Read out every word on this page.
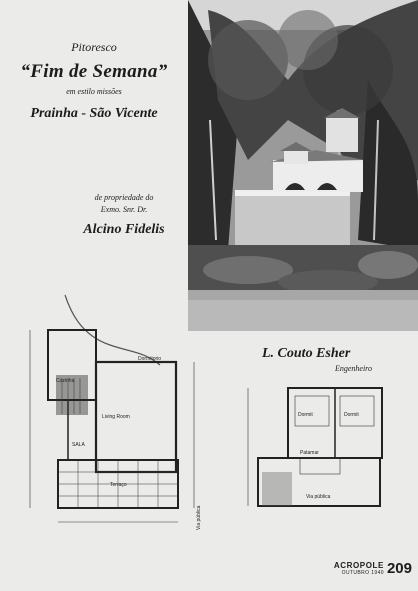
Pitoresco
“Fim de Semana”
em estilo missões
Prainha - São Vicente
de propriedade do
Exmo. Snr. Dr.
Alcino Fidelis
Dormitorio
Cozinha
Living Room
SALA
Terraço
Via pública
L. Couto Esher
Engenheiro
Dormit	Dormit
Patamar
Via pública
ACROPOLE
OUTUBRO 1940 209
